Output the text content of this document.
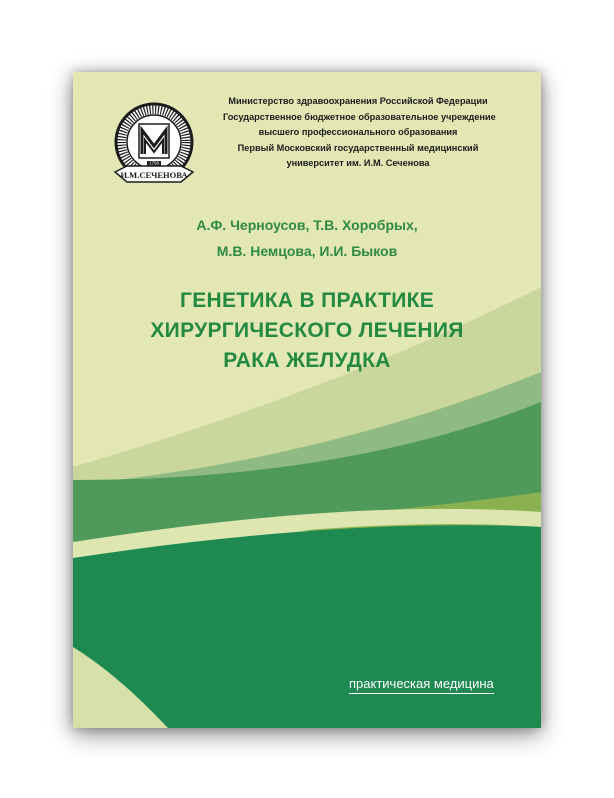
И.М.СЕЧЕНОВА
1758
Министерство здравоохранения Российской Федерации
Государственное бюджетное образовательное учреждение
высшего профессионального образования
Первый Московский государственный медицинский
университет им. И.М. Сеченова
А.Ф. Черноусов, Т.В. Хоробрых,
М.В. Немцова, И.И. Быков
ГЕНЕТИКА В ПРАКТИКЕ
ХИРУРГИЧЕСКОГО ЛЕЧЕНИЯ
РАКА ЖЕЛУДКА
практическая медицина
